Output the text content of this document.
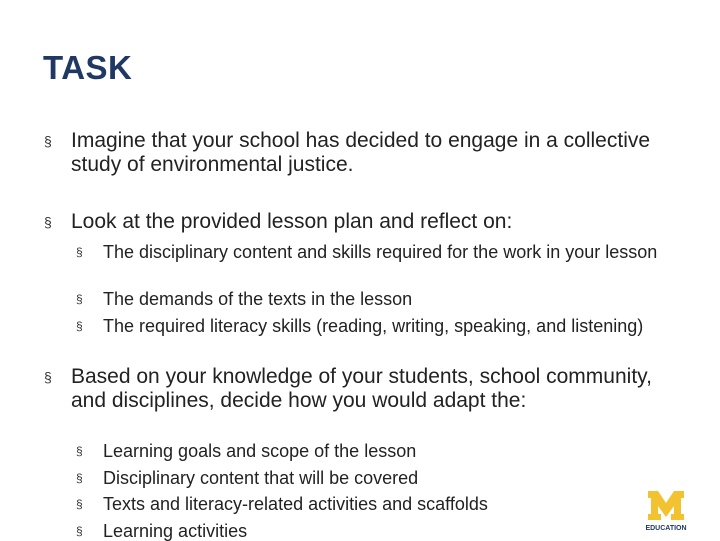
TASK
§ Imagine that your school has decided to engage in a collective study of environmental justice.
§ Look at the provided lesson plan and reflect on:
§	The disciplinary content and skills required for the work in your lesson
§	The demands of the texts in the lesson
§	The required literacy skills (reading, writing, speaking, and listening)
§ Based on your knowledge of your students, school community, and disciplines, decide how you would adapt the:
§	Learning goals and scope of the lesson
§	Disciplinary content that will be covered
§	Texts and literacy-related activities and scaffolds
§	Learning activities	EDUCATION
